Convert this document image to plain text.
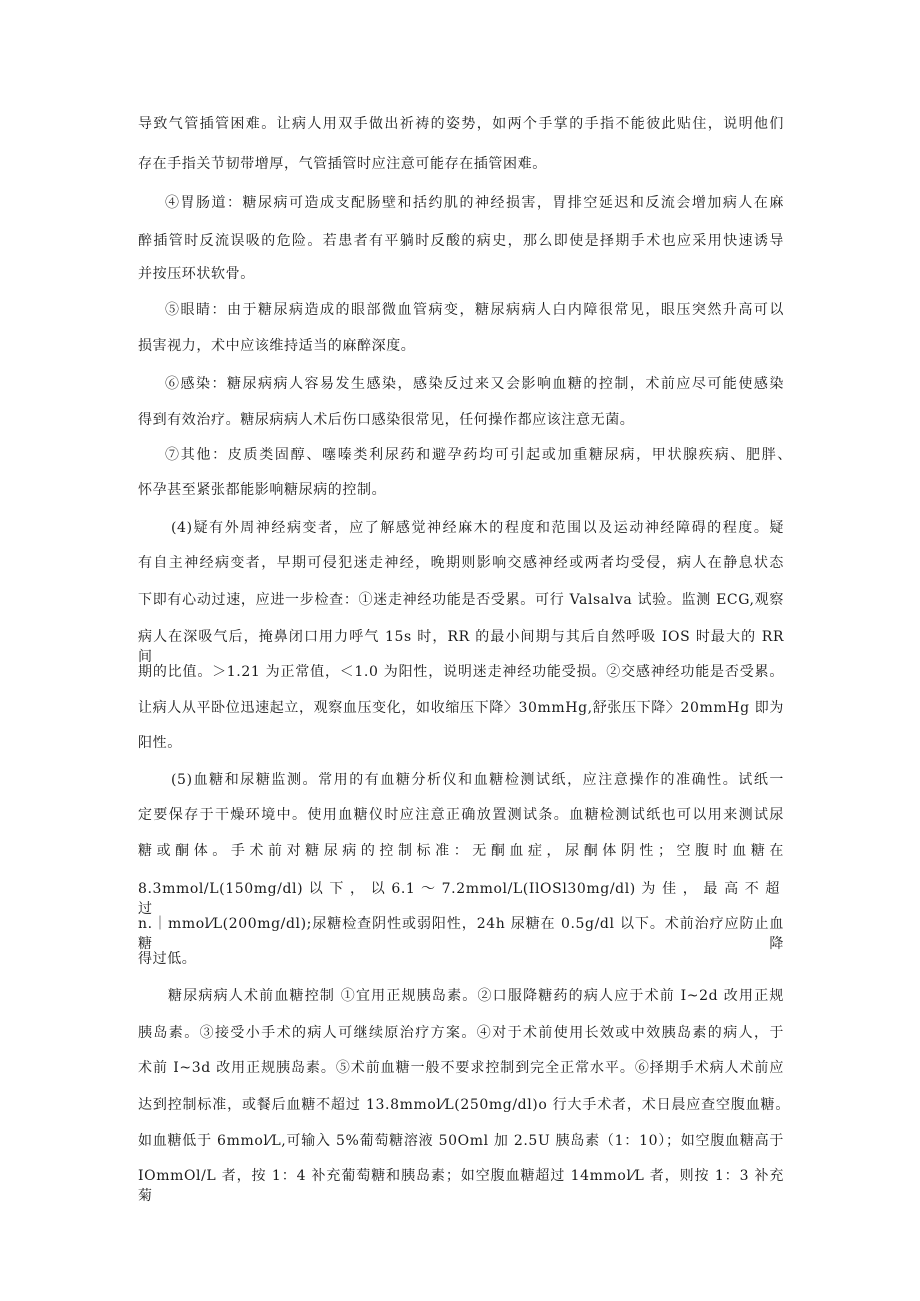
导致气管插管困难。让病人用双手做出祈祷的姿势，如两个手掌的手指不能彼此贴住，说明他们
存在手指关节韧带增厚，气管插管时应注意可能存在插管困难。
④胃肠道：糖尿病可造成支配肠壁和括约肌的神经损害，胃排空延迟和反流会增加病人在麻
醉插管时反流误吸的危险。若患者有平躺时反酸的病史，那么即使是择期手术也应采用快速诱导
并按压环状软骨。
⑤眼睛：由于糖尿病造成的眼部微血管病变，糖尿病病人白内障很常见，眼压突然升高可以
损害视力，术中应该维持适当的麻醉深度。
⑥感染：糖尿病病人容易发生感染，感染反过来又会影响血糖的控制，术前应尽可能使感染
得到有效治疗。糖尿病病人术后伤口感染很常见，任何操作都应该注意无菌。
⑦其他：皮质类固醇、噻嗪类利尿药和避孕药均可引起或加重糖尿病，甲状腺疾病、肥胖、
怀孕甚至紧张都能影响糖尿病的控制。
(4)疑有外周神经病变者，应了解感觉神经麻木的程度和范围以及运动神经障碍的程度。疑
有自主神经病变者，早期可侵犯迷走神经，晚期则影响交感神经或两者均受侵，病人在静息状态
下即有心动过速，应进一步检查：①迷走神经功能是否受累。可行 Valsalva 试验。监测 ECG,观察
病人在深吸气后，掩鼻闭口用力呼气 15s 时，RR 的最小间期与其后自然呼吸 IOS 时最大的 RR 间
期的比值。＞1.21 为正常值，＜1.0 为阳性，说明迷走神经功能受损。②交感神经功能是否受累。
让病人从平卧位迅速起立，观察血压变化，如收缩压下降〉30mmHg,舒张压下降〉20mmHg 即为
阳性。
(5)血糖和尿糖监测。常用的有血糖分析仪和血糖检测试纸，应注意操作的准确性。试纸一
定要保存于干燥环境中。使用血糖仪时应注意正确放置测试条。血糖检测试纸也可以用来测试尿
糖或酮体。手术前对糖尿病的控制标准：无酮血症，尿酮体阴性；空腹时血糖在
8.3mmol/L(150mg/dl) 以 下 ， 以 6.1 ～ 7.2mmol/L(IlOSl30mg/dl) 为 佳 ， 最 高 不 超 过
n.｜mmol⁄L(200mg/dl);尿糖检查阴性或弱阳性，24h 尿糖在 0.5g/dl 以下。术前治疗应防止血糖降
得过低。
糖尿病病人术前血糖控制 ①宜用正规胰岛素。②口服降糖药的病人应于术前 I~2d 改用正规
胰岛素。③接受小手术的病人可继续原治疗方案。④对于术前使用长效或中效胰岛素的病人，于
术前 I~3d 改用正规胰岛素。⑤术前血糖一般不要求控制到完全正常水平。⑥择期手术病人术前应
达到控制标准，或餐后血糖不超过 13.8mmol⁄L(250mg/dl)o 行大手术者，术日晨应查空腹血糖。
如血糖低于 6mmol⁄L,可输入 5%葡萄糖溶液 50Oml 加 2.5U 胰岛素（1：10）；如空腹血糖高于
IOmmOl/L 者，按 1：4 补充葡萄糖和胰岛素；如空腹血糖超过 14mmol⁄L 者，则按 1：3 补充菊
